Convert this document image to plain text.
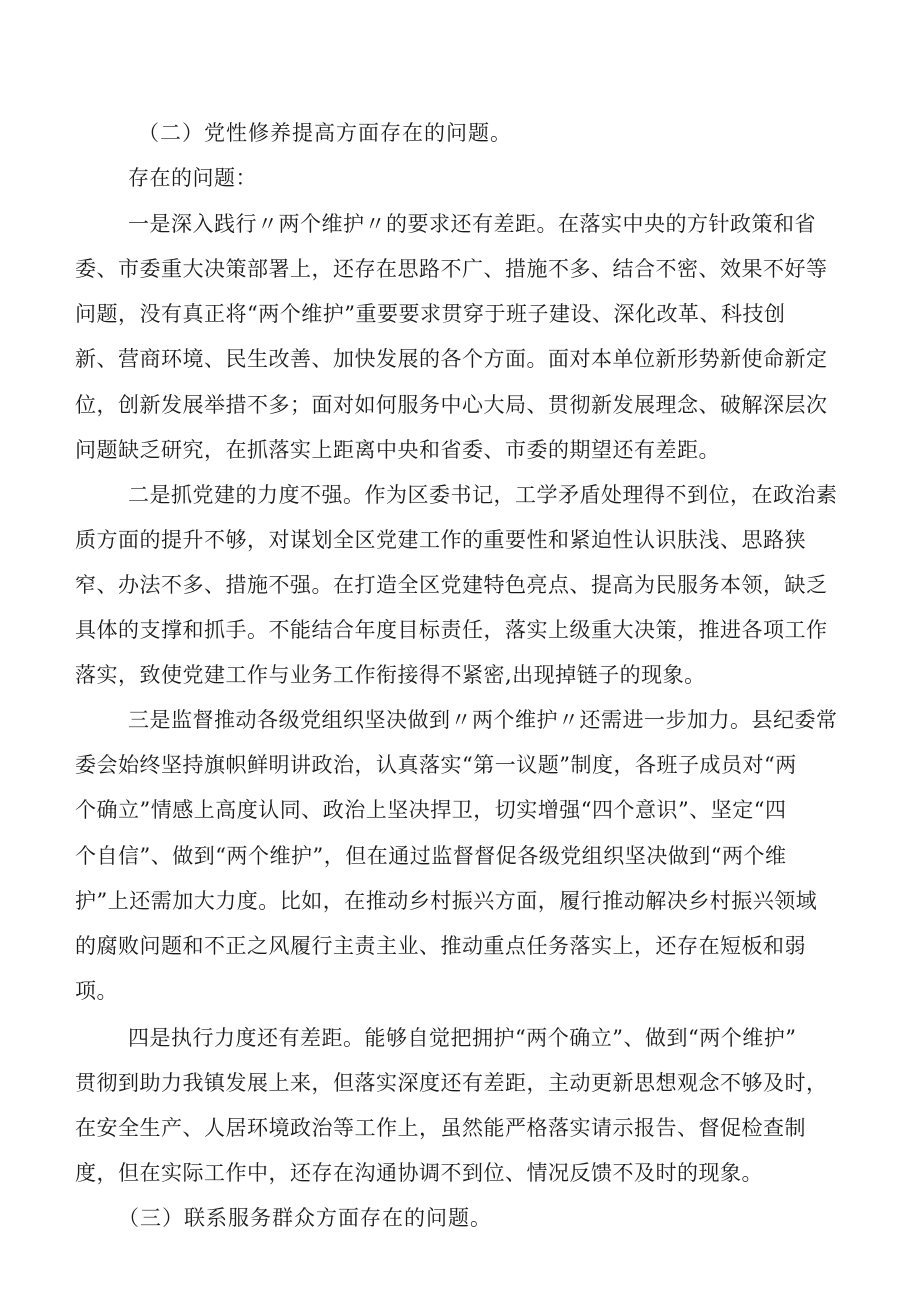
（二）党性修养提高方面存在的问题。
存在的问题：
一是深入践行〃两个维护〃的要求还有差距。在落实中央的方针政策和省
委、市委重大决策部署上，还存在思路不广、措施不多、结合不密、效果不好等
问题，没有真正将“两个维护”重要要求贯穿于班子建设、深化改革、科技创
新、营商环境、民生改善、加快发展的各个方面。面对本单位新形势新使命新定
位，创新发展举措不多；面对如何服务中心大局、贯彻新发展理念、破解深层次
问题缺乏研究，在抓落实上距离中央和省委、市委的期望还有差距。
二是抓党建的力度不强。作为区委书记，工学矛盾处理得不到位，在政治素
质方面的提升不够，对谋划全区党建工作的重要性和紧迫性认识肤浅、思路狭
窄、办法不多、措施不强。在打造全区党建特色亮点、提高为民服务本领，缺乏
具体的支撑和抓手。不能结合年度目标责任，落实上级重大决策，推进各项工作
落实，致使党建工作与业务工作衔接得不紧密,出现掉链子的现象。
三是监督推动各级党组织坚决做到〃两个维护〃还需进一步加力。县纪委常
委会始终坚持旗帜鲜明讲政治，认真落实“第一议题”制度，各班子成员对“两
个确立”情感上高度认同、政治上坚决捍卫，切实增强“四个意识”、坚定“四
个自信”、做到“两个维护”，但在通过监督督促各级党组织坚决做到“两个维
护”上还需加大力度。比如，在推动乡村振兴方面，履行推动解决乡村振兴领域
的腐败问题和不正之风履行主责主业、推动重点任务落实上，还存在短板和弱
项。
四是执行力度还有差距。能够自觉把拥护“两个确立”、做到“两个维护”
贯彻到助力我镇发展上来，但落实深度还有差距，主动更新思想观念不够及时，
在安全生产、人居环境政治等工作上，虽然能严格落实请示报告、督促检查制
度，但在实际工作中，还存在沟通协调不到位、情况反馈不及时的现象。
（三）联系服务群众方面存在的问题。
